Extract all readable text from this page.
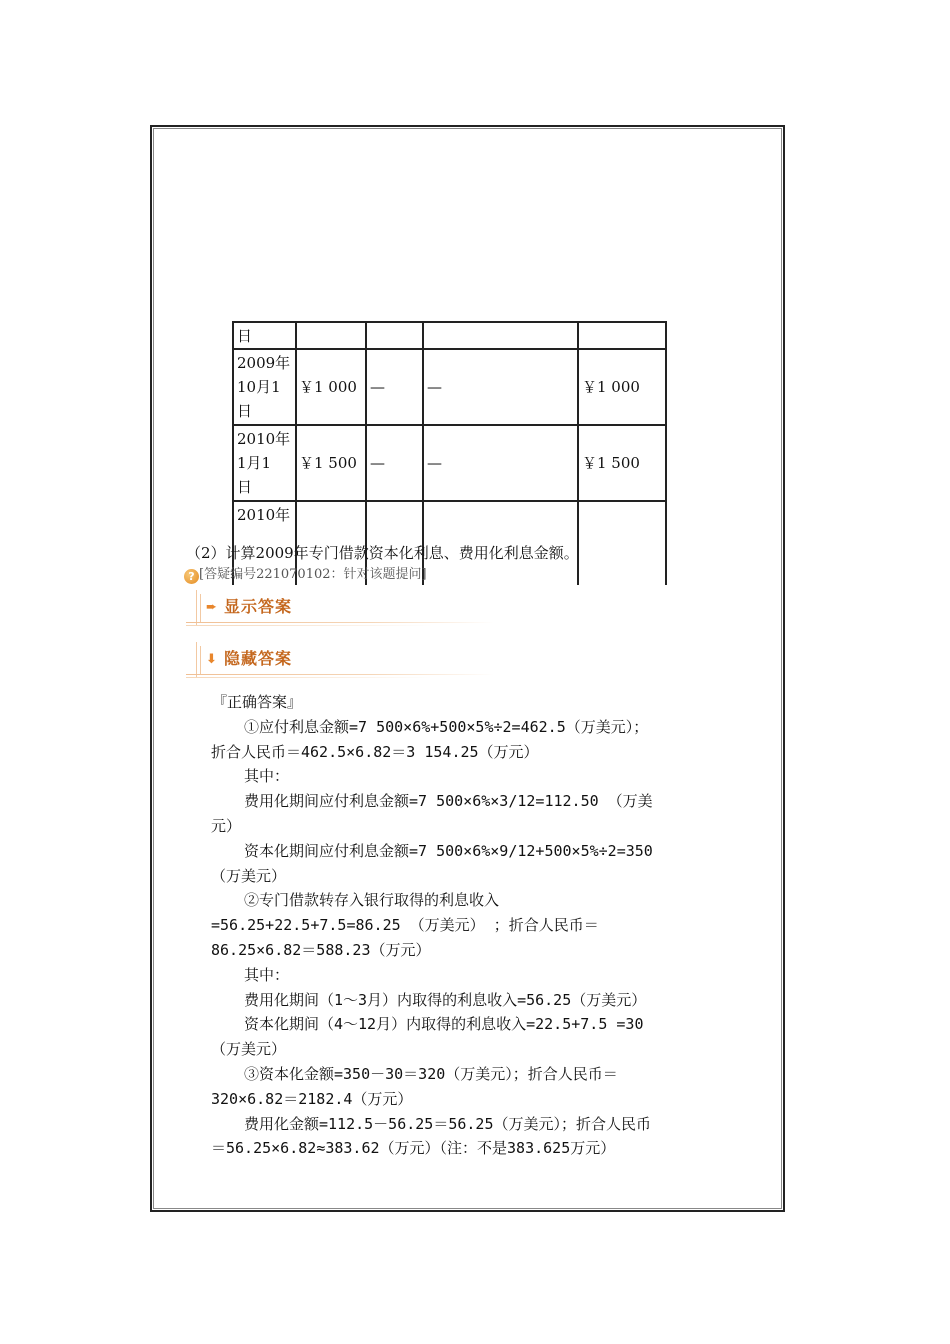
日				

2009年
10月1
日	￥1 000	—	—	￥1 000

2010年
1月1
日	￥1 500	—	—	￥1 500

2010年				

（2）计算2009年专门借款资本化利息、费用化利息金额。
? [答疑编号221070102：针对该题提问]
➨ 显示答案
⬇ 隐藏答案

『正确答案』

①应付利息金额=7 500×6%+500×5%÷2=462.5（万美元）；

折合人民币＝462.5×6.82＝3 154.25（万元）

其中：

费用化期间应付利息金额=7 500×6%×3/12=112.50 （万美

元）

资本化期间应付利息金额=7 500×6%×9/12+500×5%÷2=350

（万美元）

②专门借款转存入银行取得的利息收入

=56.25+22.5+7.5=86.25 （万美元） ；折合人民币＝

86.25×6.82＝588.23（万元）

其中：

费用化期间（1～3月）内取得的利息收入=56.25（万美元）

资本化期间（4～12月）内取得的利息收入=22.5+7.5 =30

（万美元）

③资本化金额=350－30＝320（万美元）；折合人民币＝

320×6.82＝2182.4（万元）

费用化金额=112.5－56.25＝56.25（万美元）；折合人民币

＝56.25×6.82≈383.62（万元）（注：不是383.625万元）
